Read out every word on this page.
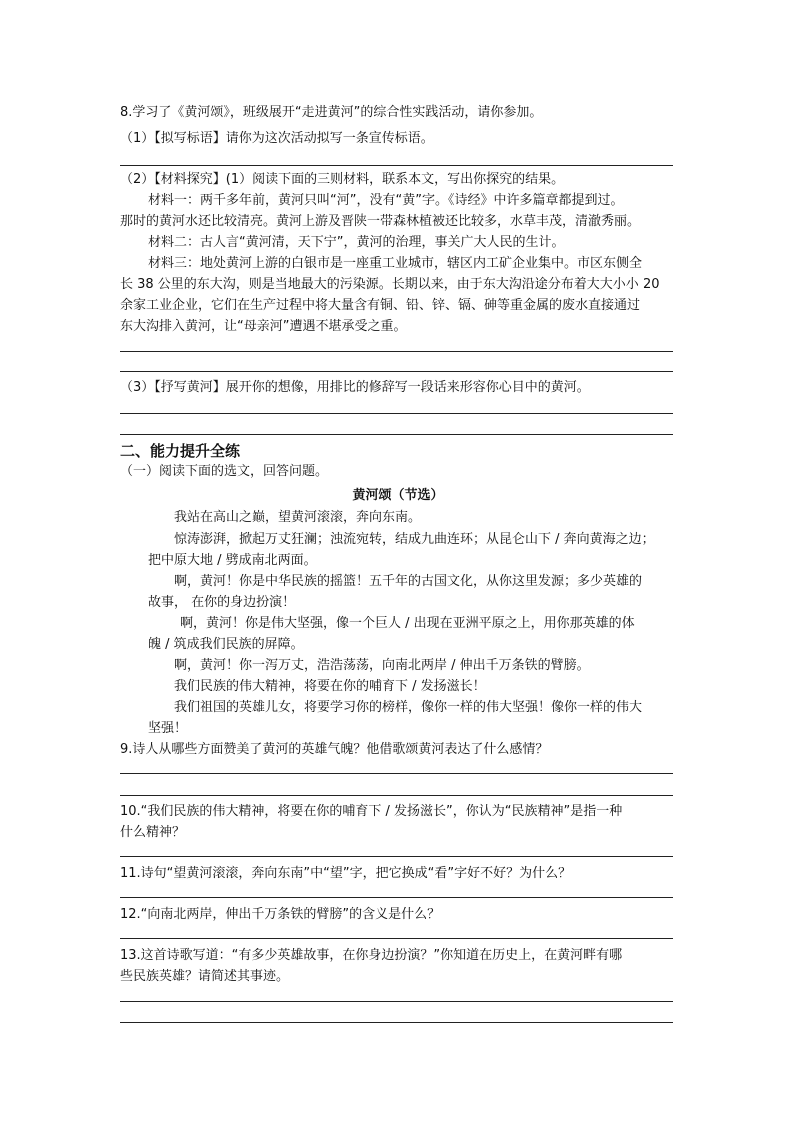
8.学习了《黄河颂》，班级展开“走进黄河”的综合性实践活动，请你参加。
（1）【拟写标语】请你为这次活动拟写一条宣传标语。
（2）【材料探究】(1）阅读下面的三则材料，联系本文，写出你探究的结果。
材料一：两千多年前，黄河只叫“河”，没有“黄”字。《诗经》中许多篇章都提到过。
那时的黄河水还比较清亮。黄河上游及晋陕一带森林植被还比较多，水草丰茂，清澈秀丽。
材料二：古人言“黄河清，天下宁”，黄河的治理，事关广大人民的生计。
材料三：地处黄河上游的白银市是一座重工业城市，辖区内工矿企业集中。市区东侧全
长 38 公里的东大沟，则是当地最大的污染源。长期以来，由于东大沟沿途分布着大大小小 20
余家工业企业，它们在生产过程中将大量含有铜、铅、锌、镉、砷等重金属的废水直接通过
东大沟排入黄河，让“母亲河”遭遇不堪承受之重。
（3）【抒写黄河】展开你的想像，用排比的修辞写一段话来形容你心目中的黄河。
二、能力提升全练
（一）阅读下面的选文，回答问题。
黄河颂（节选）
我站在高山之巅，望黄河滚滚，奔向东南。
惊涛澎湃，掀起万丈狂澜；浊流宛转，结成九曲连环；从昆仑山下 / 奔向黄海之边；
把中原大地 / 劈成南北两面。
啊，黄河！你是中华民族的摇篮！五千年的古国文化，从你这里发源；多少英雄的
故事， 在你的身边扮演！
啊，黄河！你是伟大坚强，像一个巨人 / 出现在亚洲平原之上，用你那英雄的体
魄 / 筑成我们民族的屏障。
啊，黄河！你一泻万丈，浩浩荡荡，向南北两岸 / 伸出千万条铁的臂膀。
我们民族的伟大精神，将要在你的哺育下 / 发扬滋长！
我们祖国的英雄儿女，将要学习你的榜样，像你一样的伟大坚强！像你一样的伟大
坚强！
9.诗人从哪些方面赞美了黄河的英雄气魄？他借歌颂黄河表达了什么感情？
10.“我们民族的伟大精神，将要在你的哺育下 / 发扬滋长”，你认为“民族精神”是指一种
什么精神？
11.诗句“望黄河滚滚，奔向东南”中“望”字，把它换成“看”字好不好？为什么？
12.“向南北两岸，伸出千万条铁的臂膀”的含义是什么？
13.这首诗歌写道：“有多少英雄故事，在你身边扮演？”你知道在历史上，在黄河畔有哪
些民族英雄？请简述其事迹。
